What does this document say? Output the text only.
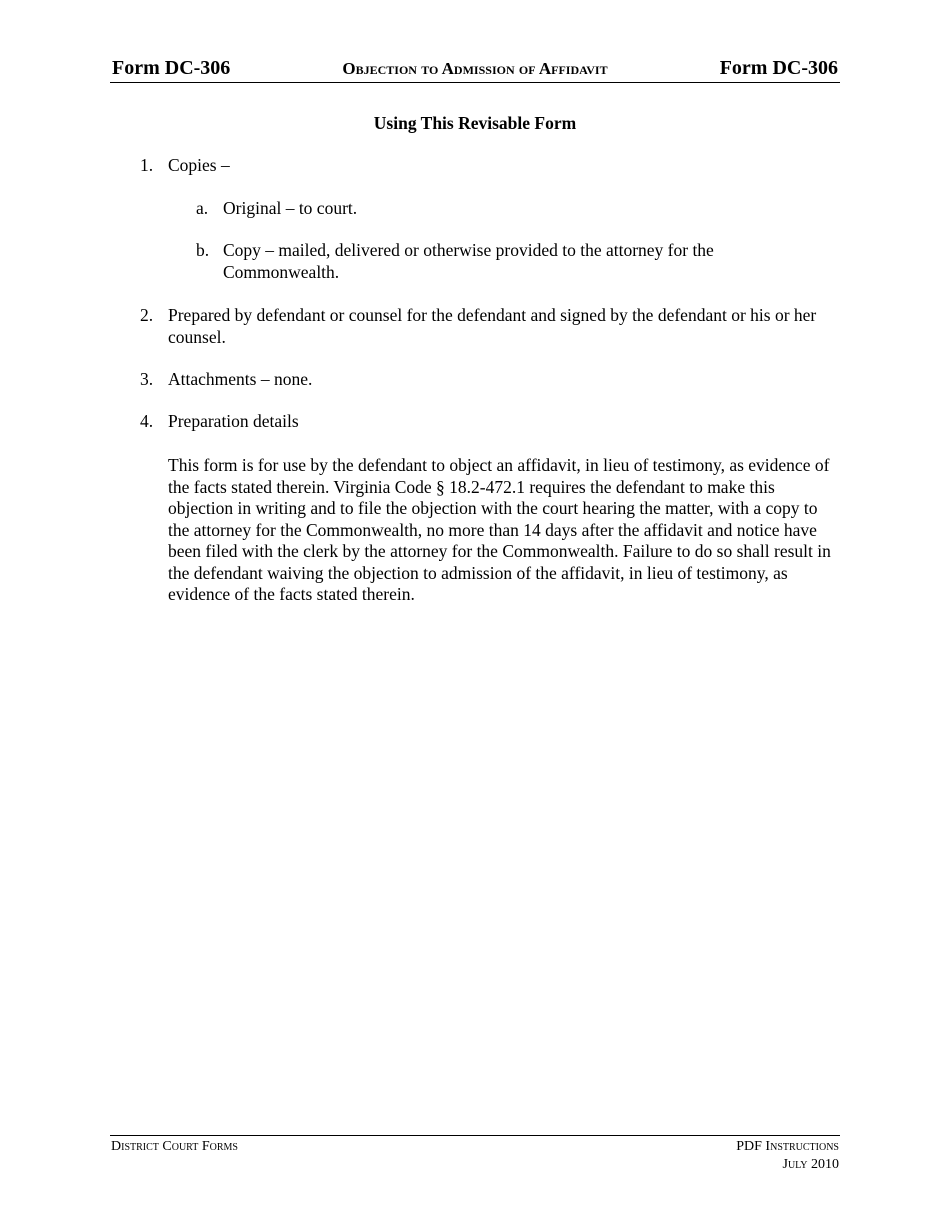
Form DC-306	Objection to Admission of Affidavit	Form DC-306
Using This Revisable Form
1. Copies –
a. Original – to court.
b. Copy – mailed, delivered or otherwise provided to the attorney for the Commonwealth.
2. Prepared by defendant or counsel for the defendant and signed by the defendant or his or her counsel.
3. Attachments – none.
4. Preparation details
This form is for use by the defendant to object an affidavit, in lieu of testimony, as evidence of the facts stated therein. Virginia Code § 18.2-472.1 requires the defendant to make this objection in writing and to file the objection with the court hearing the matter, with a copy to the attorney for the Commonwealth, no more than 14 days after the affidavit and notice have been filed with the clerk by the attorney for the Commonwealth. Failure to do so shall result in the defendant waiving the objection to admission of the affidavit, in lieu of testimony, as evidence of the facts stated therein.
District Court Forms	PDF Instructions
July 2010
